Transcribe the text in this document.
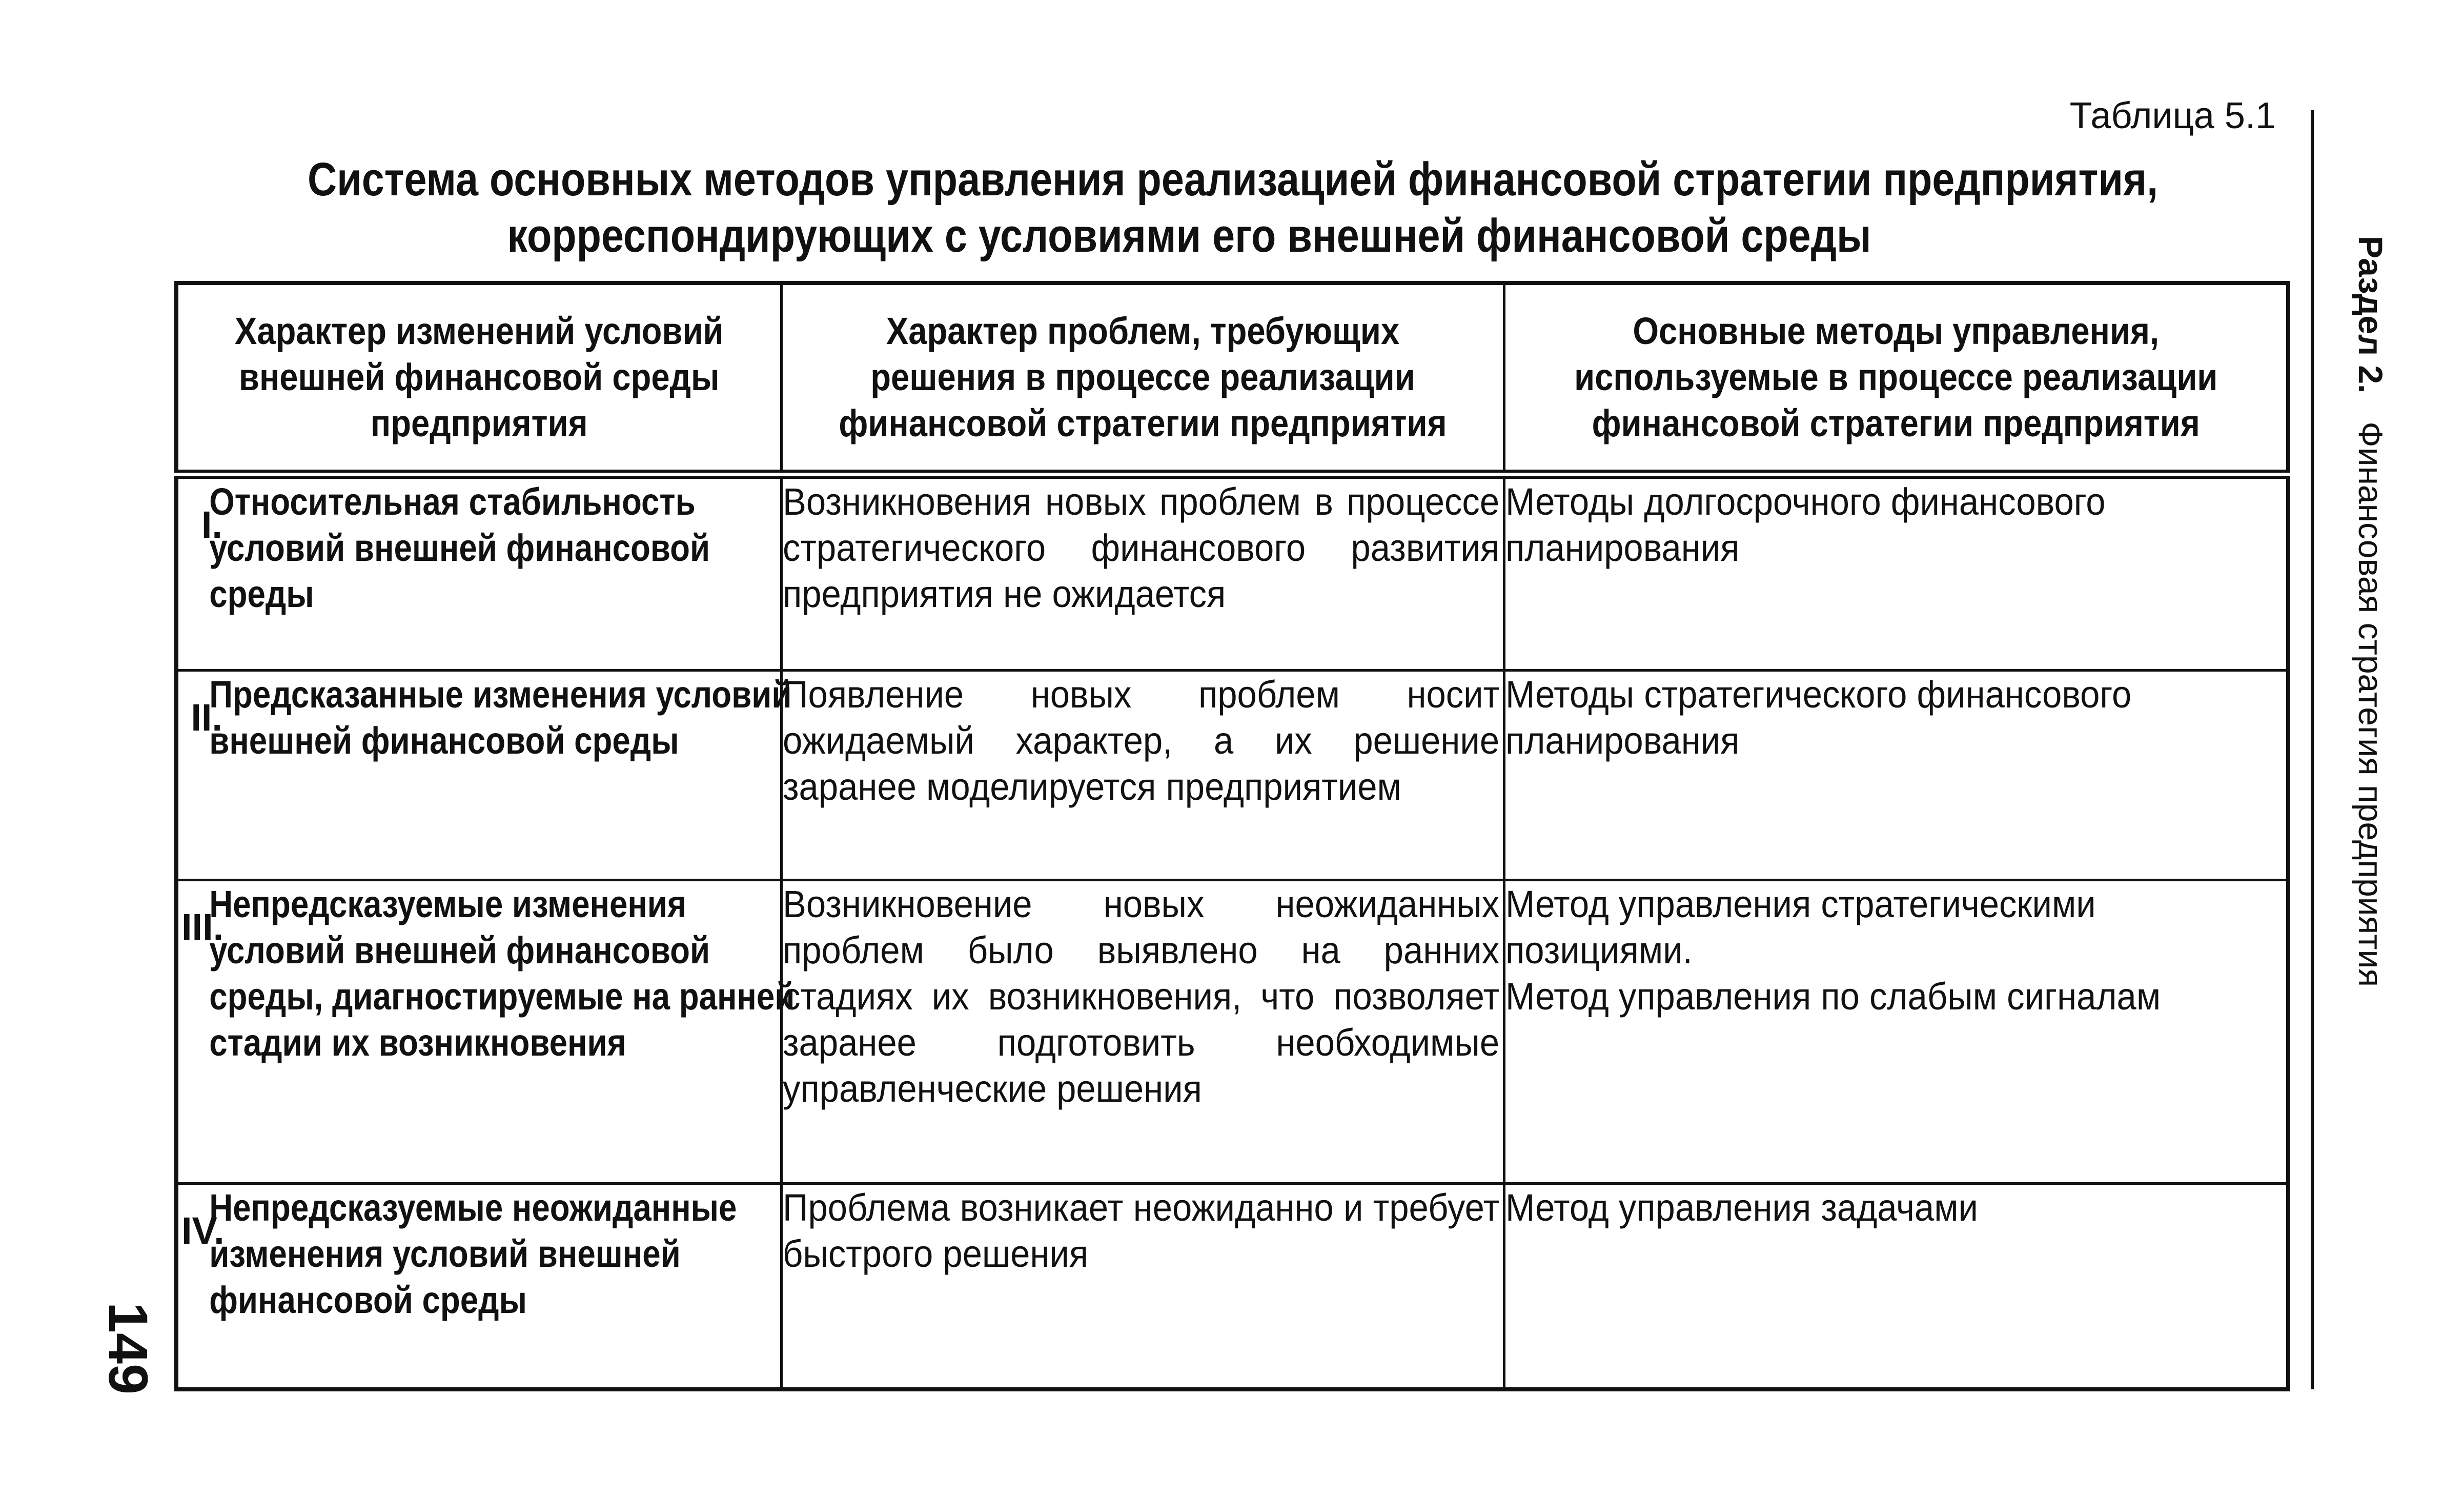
Таблица 5.1
Система основных методов управления реализацией финансовой стратегии предприятия,
корреспондирующих с условиями его внешней финансовой среды	Раздел 2.   Финансовая стратегия предприятия
149
Характер изменений условий внешней финансовой среды предприятия	Характер проблем, требующих решения в процессе реализации финансовой стратегии предприятия	Основные методы управления, используемые в процессе реализации финансовой стратегии предприятия

I.
Относительная стабильность условий внешней финансовой среды	Возникновения новых проблем в процессе стратегического финансового развития предприятия не ожидается	Методы долгосрочного финансового планирования

II.
Предсказанные изменения условий внешней финансовой среды	Появление новых проблем носит ожидаемый характер, а их решение заранее моделируется предприятием	Методы стратегического финансового планирования

III.
Непредсказуемые изменения условий внешней финансовой среды, диагностируемые на ранней стадии их возникновения	Возникновение новых неожиданных проблем было выявлено на ранних стадиях их возникновения, что позволяет заранее подготовить необходимые управленческие решения	Метод управления стратегическими позициями.
Метод управления по слабым сигналам

IV.
Непредсказуемые неожиданные изменения условий внешней финансовой среды	Проблема возникает неожиданно и требует быстрого решения	Метод управления задачами
